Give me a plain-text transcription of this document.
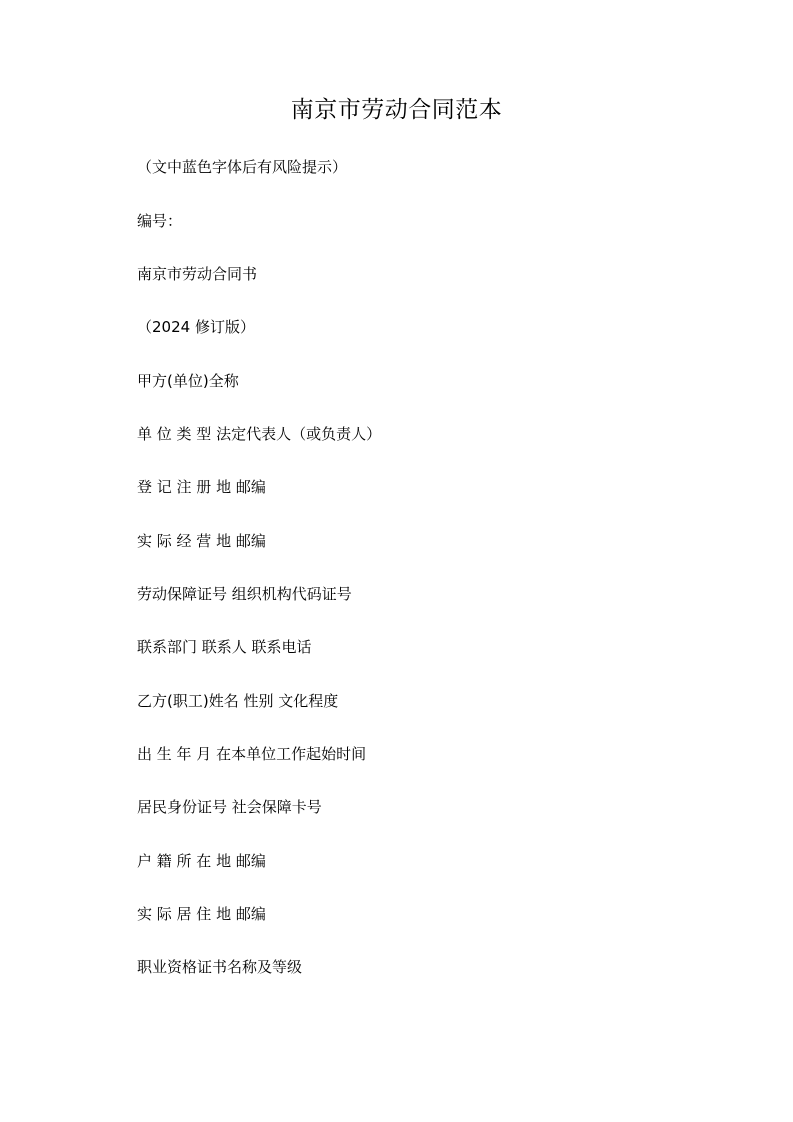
南京市劳动合同范本
（文中蓝色字体后有风险提示）
编号：
南京市劳动合同书
（2024 修订版）
甲方(单位)全称
单 位 类 型 法定代表人（或负责人）
登 记 注 册 地 邮编
实 际 经 营 地 邮编
劳动保障证号 组织机构代码证号
联系部门 联系人 联系电话
乙方(职工)姓名 性别 文化程度
出 生 年 月 在本单位工作起始时间
居民身份证号 社会保障卡号
户 籍 所 在 地 邮编
实 际 居 住 地 邮编
职业资格证书名称及等级
